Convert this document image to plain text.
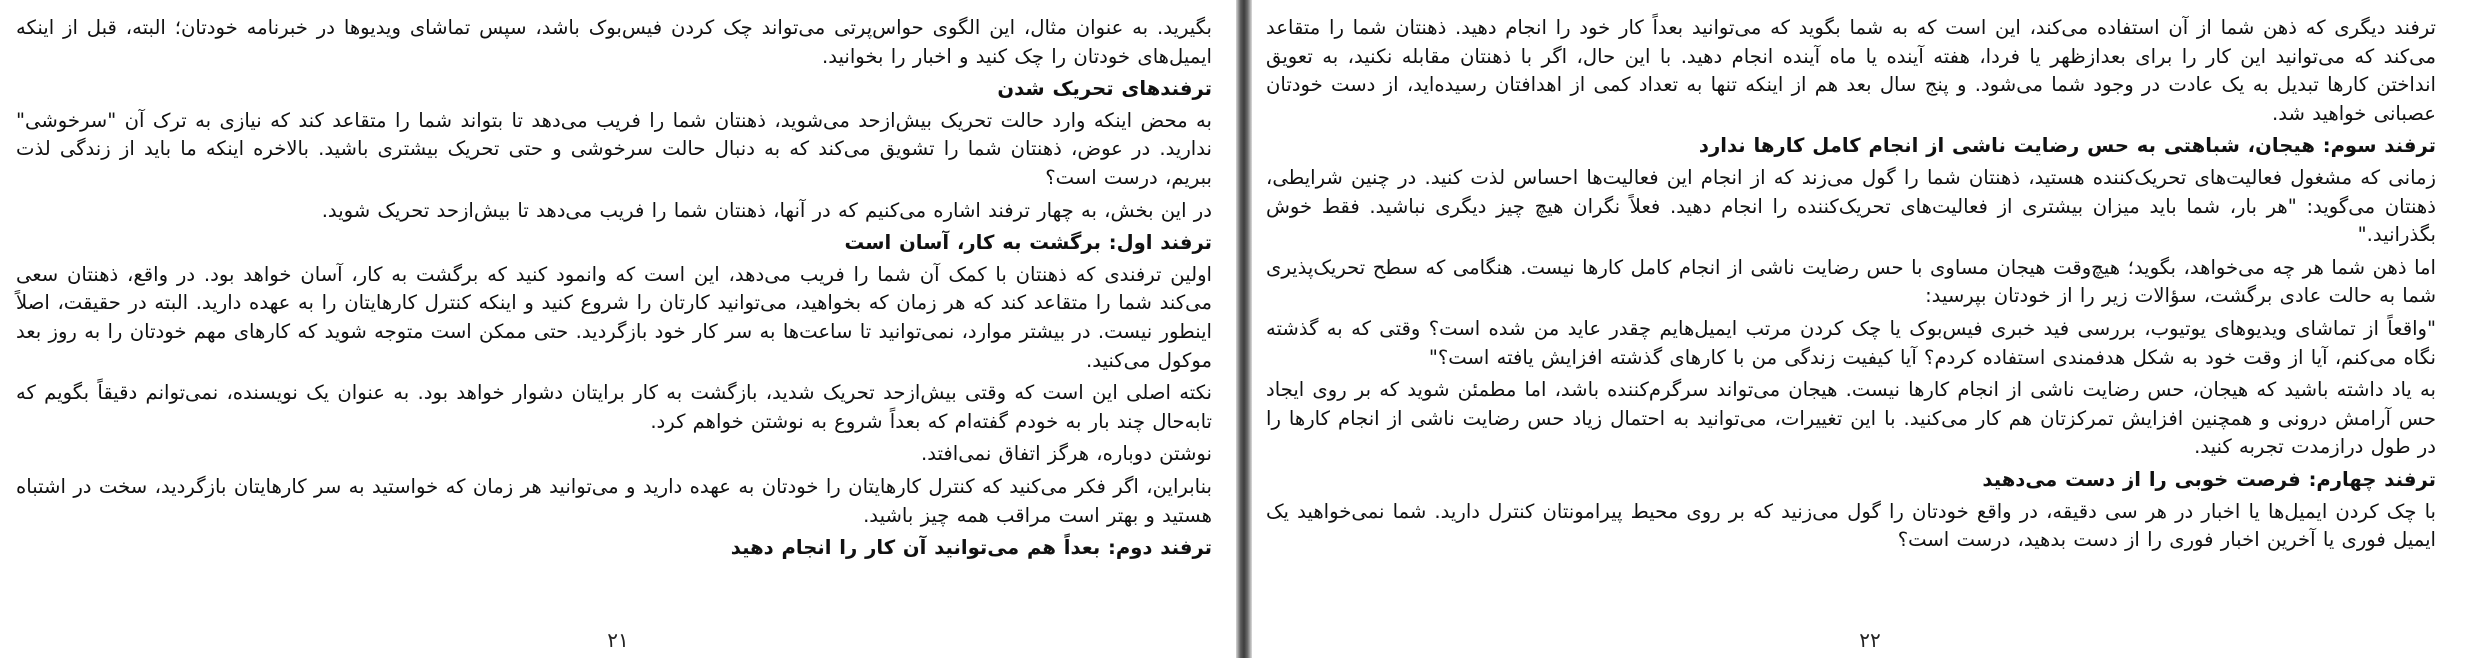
بگیرید. به عنوان مثال، این الگوی حواس‌پرتی می‌تواند چک کردن فیس‌بوک باشد، سپس تماشای ویدیوها در خبرنامه خودتان؛ البته، قبل از اینکه ایمیل‌های خودتان را چک کنید و اخبار را بخوانید.

ترفندهای تحریک شدن

به محض اینکه وارد حالت تحریک بیش‌ازحد می‌شوید، ذهنتان شما را فریب می‌دهد تا بتواند شما را متقاعد کند که نیازی به ترک آن "سرخوشی" ندارید. در عوض، ذهنتان شما را تشویق می‌کند که به دنبال حالت سرخوشی و حتی تحریک بیشتری باشید. بالاخره اینکه ما باید از زندگی لذت ببریم، درست است؟

در این بخش، به چهار ترفند اشاره می‌کنیم که در آنها، ذهنتان شما را فریب می‌دهد تا بیش‌ازحد تحریک شوید.

ترفند اول: برگشت به کار، آسان است

اولین ترفندی که ذهنتان با کمک آن شما را فریب می‌دهد، این است که وانمود کنید که برگشت به کار، آسان خواهد بود. در واقع، ذهنتان سعی می‌کند شما را متقاعد کند که هر زمان که بخواهید، می‌توانید کارتان را شروع کنید و اینکه کنترل کارهایتان را به عهده دارید. البته در حقیقت، اصلاً اینطور نیست. در بیشتر موارد، نمی‌توانید تا ساعت‌ها به سر کار خود بازگردید. حتی ممکن است متوجه شوید که کارهای مهم خودتان را به روز بعد موکول می‌کنید.

نکته اصلی این است که وقتی بیش‌ازحد تحریک شدید، بازگشت به کار برایتان دشوار خواهد بود. به عنوان یک نویسنده، نمی‌توانم دقیقاً بگویم که تابه‌حال چند بار به خودم گفته‌ام که بعداً شروع به نوشتن خواهم کرد.

نوشتن دوباره، هرگز اتفاق نمی‌افتد.

بنابراین، اگر فکر می‌کنید که کنترل کارهایتان را خودتان به عهده دارید و می‌توانید هر زمان که خواستید به سر کارهایتان بازگردید، سخت در اشتباه هستید و بهتر است مراقب همه چیز باشید.

ترفند دوم: بعداً هم می‌توانید آن کار را انجام دهید
۲۱

ترفند دیگری که ذهن شما از آن استفاده می‌کند، این است که به شما بگوید که می‌توانید بعداً کار خود را انجام دهید. ذهنتان شما را متقاعد می‌کند که می‌توانید این کار را برای بعدازظهر یا فردا، هفته آینده یا ماه آینده انجام دهید. با این حال، اگر با ذهنتان مقابله نکنید، به تعویق انداختن کارها تبدیل به یک عادت در وجود شما می‌شود. و پنج سال بعد هم از اینکه تنها به تعداد کمی از اهدافتان رسیده‌اید، از دست خودتان عصبانی خواهید شد.

ترفند سوم: هیجان، شباهتی به حس رضایت ناشی از انجام کامل کارها ندارد

زمانی که مشغول فعالیت‌های تحریک‌کننده هستید، ذهنتان شما را گول می‌زند که از انجام این فعالیت‌ها احساس لذت کنید. در چنین شرایطی، ذهنتان می‌گوید: "هر بار، شما باید میزان بیشتری از فعالیت‌های تحریک‌کننده را انجام دهید. فعلاً نگران هیچ چیز دیگری نباشید. فقط خوش بگذرانید."

اما ذهن شما هر چه می‌خواهد، بگوید؛ هیچ‌وقت هیجان مساوی با حس رضایت ناشی از انجام کامل کارها نیست. هنگامی که سطح تحریک‌پذیری شما به حالت عادی برگشت، سؤالات زیر را از خودتان بپرسید:

"واقعاً از تماشای ویدیوهای یوتیوب، بررسی فید خبری فیس‌بوک یا چک کردن مرتب ایمیل‌هایم چقدر عاید من شده است؟ وقتی که به گذشته نگاه می‌کنم، آیا از وقت خود به شکل هدفمندی استفاده کردم؟ آیا کیفیت زندگی من با کارهای گذشته افزایش یافته است؟"

به یاد داشته باشید که هیجان، حس رضایت ناشی از انجام کارها نیست. هیجان می‌تواند سرگرم‌کننده باشد، اما مطمئن شوید که بر روی ایجاد حس آرامش درونی و همچنین افزایش تمرکزتان هم کار می‌کنید. با این تغییرات، می‌توانید به احتمال زیاد حس رضایت ناشی از انجام کارها را در طول درازمدت تجربه کنید.

ترفند چهارم: فرصت خوبی را از دست می‌دهید

با چک کردن ایمیل‌ها یا اخبار در هر سی دقیقه، در واقع خودتان را گول می‌زنید که بر روی محیط پیرامونتان کنترل دارید. شما نمی‌خواهید یک ایمیل فوری یا آخرین اخبار فوری را از دست بدهید، درست است؟

۲۲
